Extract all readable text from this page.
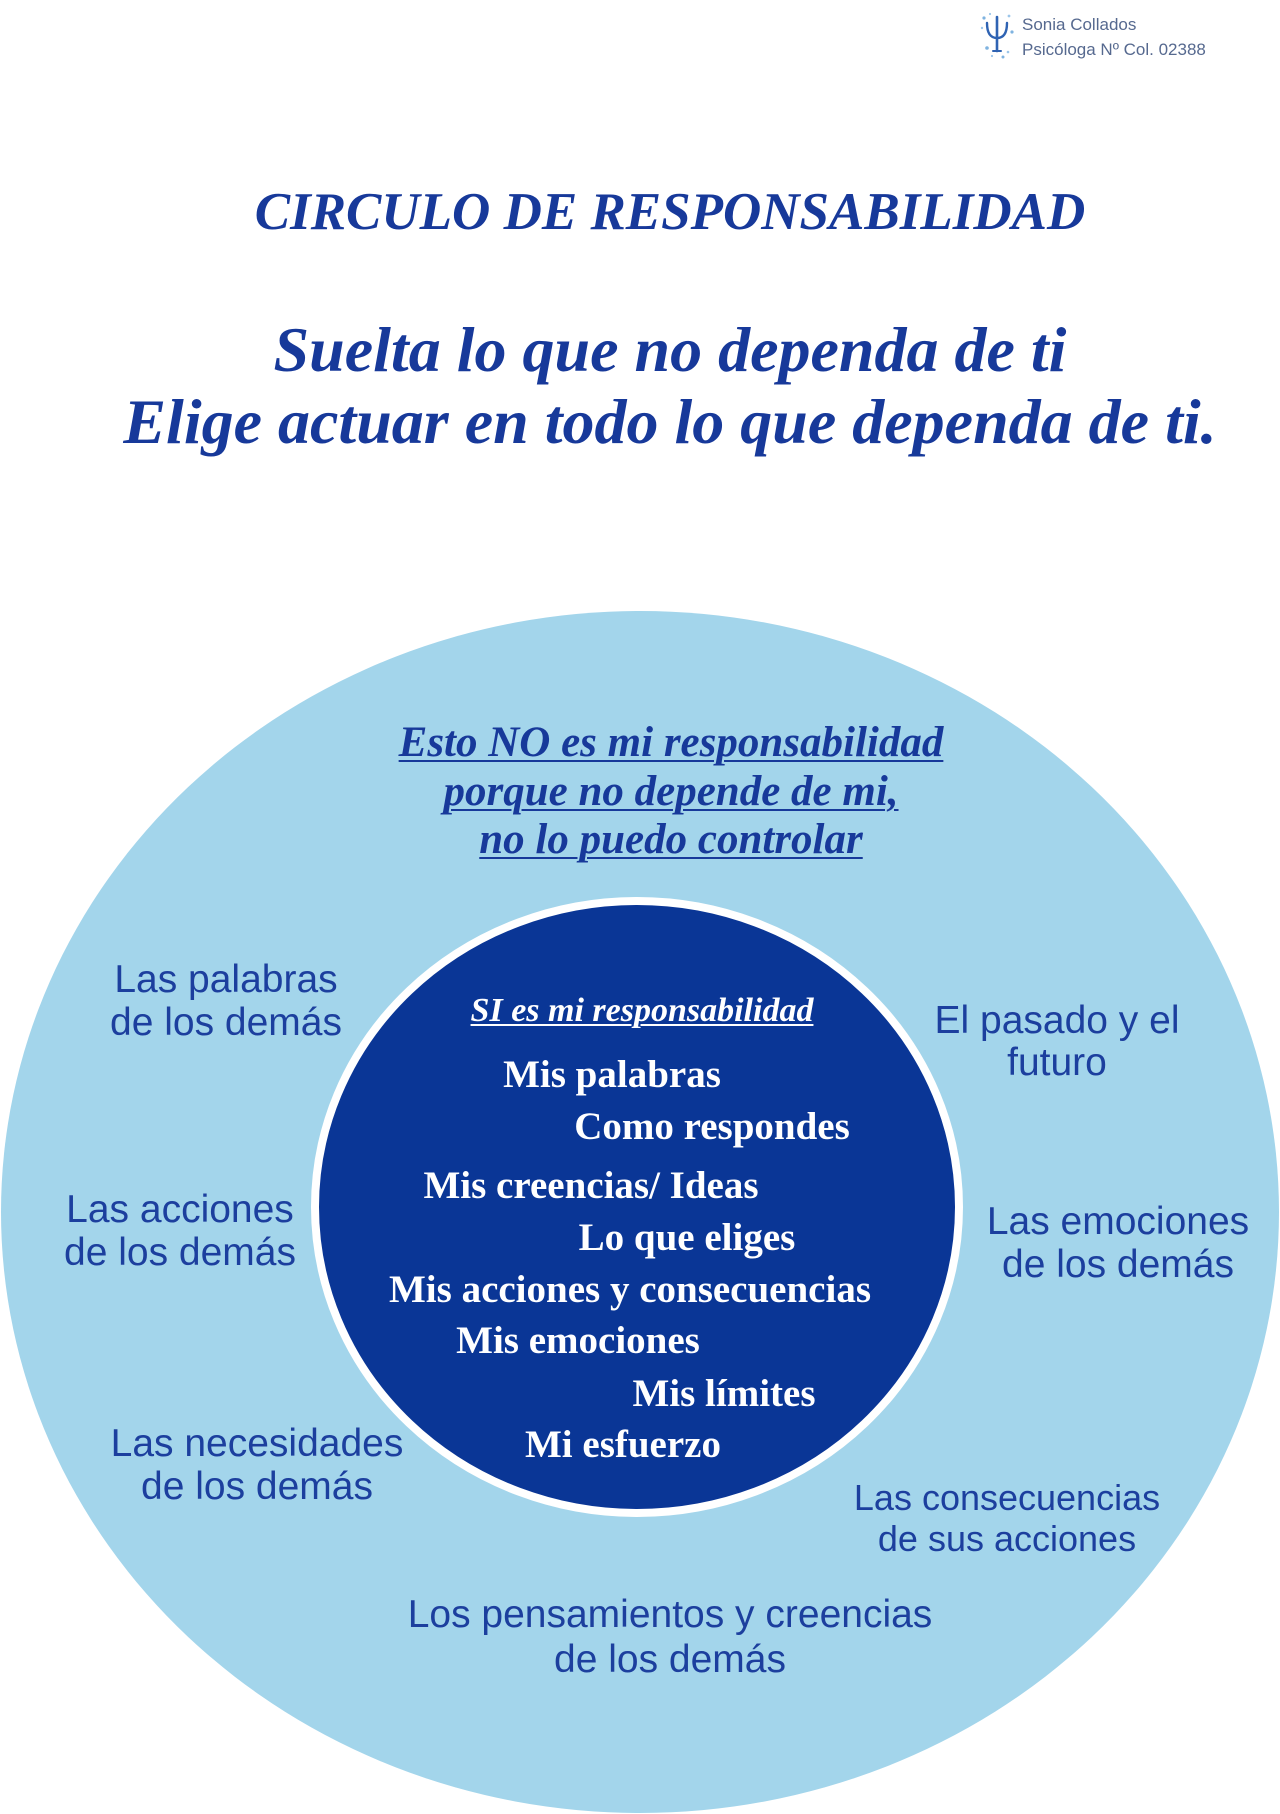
Sonia Collados
Psicóloga Nº Col. 02388
CIRCULO DE RESPONSABILIDAD
Suelta lo que no dependa de ti
Elige actuar en todo lo que dependa de ti.
Esto NO es mi responsabilidad
porque no depende de mi,
no lo puedo controlar
Las palabras
de los demás	El pasado y el
futuro
Las acciones
de los demás
Las emociones
de los demás
Las necesidades
de los demás	Las consecuencias
de sus acciones
Los pensamientos y creencias
de los demás
SI es mi responsabilidad
Mis palabras
Como respondes
Mis creencias/ Ideas
Lo que eliges
Mis acciones y consecuencias
Mis emociones
Mis límites
Mi esfuerzo
